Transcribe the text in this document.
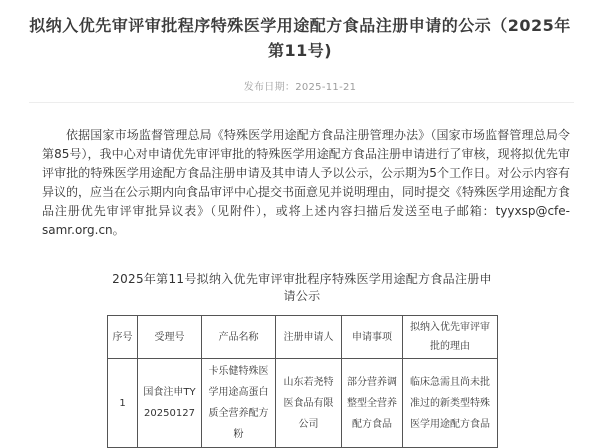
拟纳入优先审评审批程序特殊医学用途配方食品注册申请的公示（2025年第11号)
发布日期：2025-11-21

依据国家市场监督管理总局《特殊医学用途配方食品注册管理办法》（国家市场监督管理总局令第85号），我中心对申请优先审评审批的特殊医学用途配方食品注册申请进行了审核，现将拟优先审评审批的特殊医学用途配方食品注册申请及其申请人予以公示，公示期为5个工作日。对公示内容有异议的，应当在公示期内向食品审评中心提交书面意见并说明理由，同时提交《特殊医学用途配方食品注册优先审评审批异议表》（见附件），或将上述内容扫描后发送至电子邮箱：tyyxsp@cfe-samr.org.cn。

2025年第11号拟纳入优先审评审批程序特殊医学用途配方食品注册申请公示
序号	受理号	产品名称	注册申请人	申请事项	拟纳入优先审评审批的理由
1	国食注申TY20250127	卡乐健特殊医学用途高蛋白质全营养配方粉	山东若尧特医食品有限公司	部分营养调整型全营养配方食品	临床急需且尚未批准过的新类型特殊医学用途配方食品
